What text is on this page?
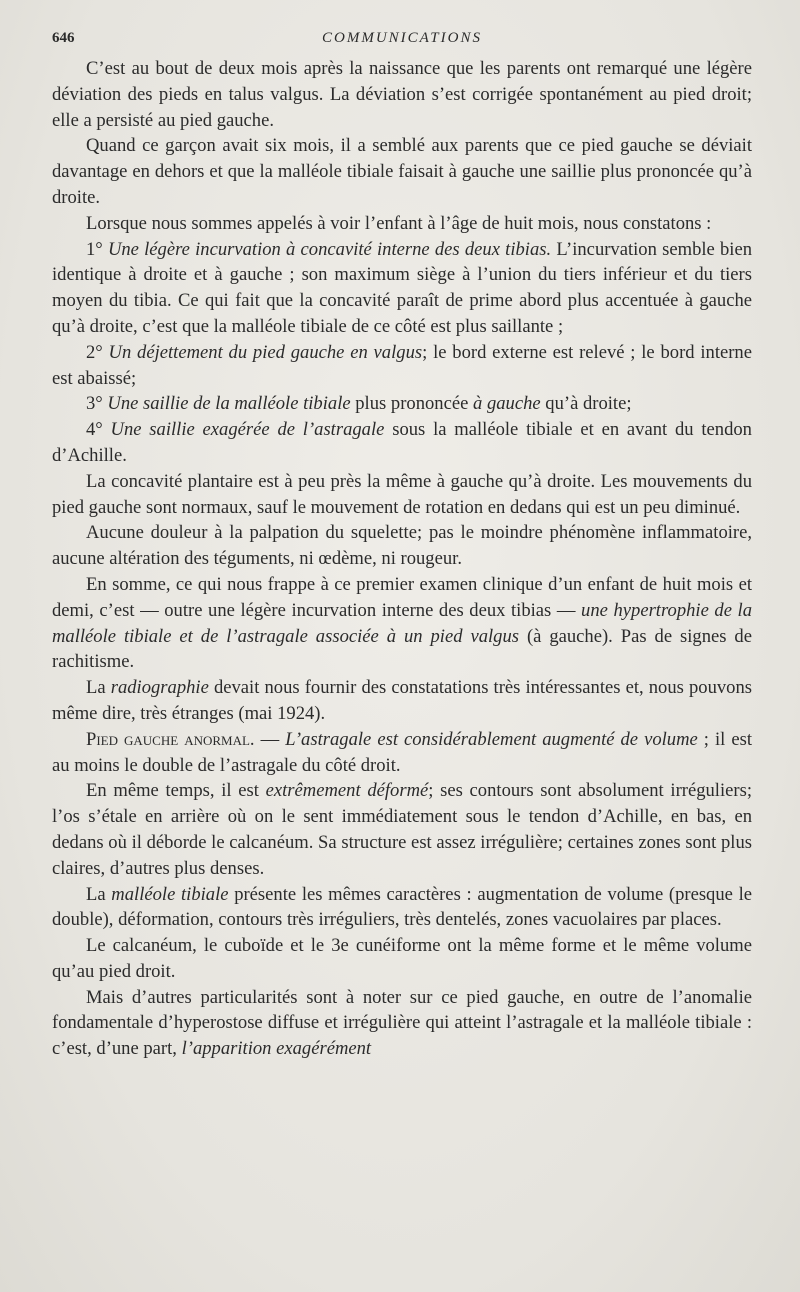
646	COMMUNICATIONS

C’est au bout de deux mois après la naissance que les parents ont remarqué une légère déviation des pieds en talus valgus. La déviation s’est corrigée spontanément au pied droit; elle a persisté au pied gauche.

Quand ce garçon avait six mois, il a semblé aux parents que ce pied gauche se déviait davantage en dehors et que la malléole tibiale faisait à gauche une saillie plus prononcée qu’à droite.

Lorsque nous sommes appelés à voir l’enfant à l’âge de huit mois, nous constatons :

1° Une légère incurvation à concavité interne des deux tibias. L’incurvation semble bien identique à droite et à gauche ; son maximum siège à l’union du tiers inférieur et du tiers moyen du tibia. Ce qui fait que la concavité paraît de prime abord plus accentuée à gauche qu’à droite, c’est que la malléole tibiale de ce côté est plus saillante ;

2° Un déjettement du pied gauche en valgus; le bord externe est relevé ; le bord interne est abaissé;

3° Une saillie de la malléole tibiale plus prononcée à gauche qu’à droite;

4° Une saillie exagérée de l’astragale sous la malléole tibiale et en avant du tendon d’Achille.

La concavité plantaire est à peu près la même à gauche qu’à droite. Les mouvements du pied gauche sont normaux, sauf le mouvement de rotation en dedans qui est un peu diminué.

Aucune douleur à la palpation du squelette; pas le moindre phénomène inflammatoire, aucune altération des téguments, ni œdème, ni rougeur.

En somme, ce qui nous frappe à ce premier examen clinique d’un enfant de huit mois et demi, c’est — outre une légère incurvation interne des deux tibias — une hypertrophie de la malléole tibiale et de l’astragale associée à un pied valgus (à gauche). Pas de signes de rachitisme.

La radiographie devait nous fournir des constatations très intéressantes et, nous pouvons même dire, très étranges (mai 1924).

Pied gauche anormal. — L’astragale est considérablement augmenté de volume ; il est au moins le double de l’astragale du côté droit.

En même temps, il est extrêmement déformé; ses contours sont absolument irréguliers; l’os s’étale en arrière où on le sent immédiatement sous le tendon d’Achille, en bas, en dedans où il déborde le calcanéum. Sa structure est assez irrégulière; certaines zones sont plus claires, d’autres plus denses.

La malléole tibiale présente les mêmes caractères : augmentation de volume (presque le double), déformation, contours très irréguliers, très dentelés, zones vacuolaires par places.

Le calcanéum, le cuboïde et le 3e cunéiforme ont la même forme et le même volume qu’au pied droit.

Mais d’autres particularités sont à noter sur ce pied gauche, en outre de l’anomalie fondamentale d’hyperostose diffuse et irrégulière qui atteint l’astragale et la malléole tibiale : c’est, d’une part, l’apparition exagérément
